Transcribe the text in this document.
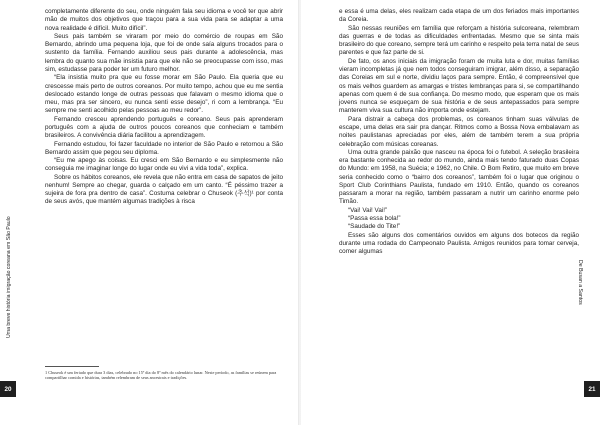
completamente diferente do seu, onde ninguém fala seu idioma e você ter que abrir mão de muitos dos objetivos que traçou para a sua vida para se adaptar a uma nova realidade é difícil. Muito difícil”.

Seus pais também se viraram por meio do comércio de roupas em São Bernardo, abrindo uma pequena loja, que foi de onde saía alguns trocados para o sustento da família. Fernando auxiliou seus pais durante a adolescência, mas lembra do quanto sua mãe insistia para que ele não se preocupasse com isso, mas sim, estudasse para poder ter um futuro melhor.

“Ela insistia muito pra que eu fosse morar em São Paulo. Ela queria que eu crescesse mais perto de outros coreanos. Por muito tempo, achou que eu me sentia deslocado estando longe de outras pessoas que falavam o mesmo idioma que o meu, mas pra ser sincero, eu nunca senti esse desejo”, ri com a lembrança. “Eu sempre me senti acolhido pelas pessoas ao meu redor”.

Fernando cresceu aprendendo português e coreano. Seus pais aprenderam português com a ajuda de outros poucos coreanos que conheciam e também brasileiros. A convivência diária facilitou a aprendizagem.

Fernando estudou, foi fazer faculdade no interior de São Paulo e retornou a São Bernardo assim que pegou seu diploma.

“Eu me apego às coisas. Eu cresci em São Bernardo e eu simplesmente não conseguia me imaginar longe do lugar onde eu vivi a vida toda”, explica.

Sobre os hábitos coreanos, ele revela que não entra em casa de sapatos de jeito nenhum! Sempre ao chegar, guarda o calçado em um canto. “É péssimo trazer a sujeira de fora pra dentro de casa”. Costuma celebrar o Chuseok (추석)¹ por conta de seus avós, que mantém algumas tradições à risca

1 Chuseok é um feriado que dura 3 dias, celebrado no 15º dia do 8º mês do calendário lunar. Neste período, as famílias se reúnem para compartilhar comida e histórias, também relembram de seus ancestrais e tradições.

e essa é uma delas, eles realizam cada etapa de um dos feriados mais importantes da Coreia.

São nessas reuniões em família que reforçam a história sulcoreana, relembram das guerras e de todas as dificuldades enfrentadas. Mesmo que se sinta mais brasileiro do que coreano, sempre terá um carinho e respeito pela terra natal de seus parentes e que faz parte de si.

De fato, os anos iniciais da imigração foram de muita luta e dor, muitas famílias vieram incompletas já que nem todos conseguiram imigrar, além disso, a separação das Coreias em sul e norte, dividiu laços para sempre. Então, é compreensível que os mais velhos guardem as amargas e tristes lembranças para si, se compartilhando apenas com quem é de sua confiança. Do mesmo modo, que esperam que os mais jovens nunca se esqueçam de sua história e de seus antepassados para sempre manterem viva sua cultura não importa onde estejam.

Para distrair a cabeça dos problemas, os coreanos tinham suas válvulas de escape, uma delas era sair pra dançar. Ritmos como a Bossa Nova embalavam as noites paulistanas apreciadas por eles, além de também terem a sua própria celebração com músicas coreanas.

Uma outra grande paixão que nasceu na época foi o futebol. A seleção brasileira era bastante conhecida ao redor do mundo, ainda mais tendo faturado duas Copas do Mundo: em 1958, na Suécia; e 1962, no Chile. O Bom Retiro, que muito em breve seria conhecido como o “bairro dos coreanos”, também foi o lugar que originou o Sport Club Corinthians Paulista, fundado em 1910. Então, quando os coreanos passaram a morar na região, também passaram a nutrir um carinho enorme pelo Timão.

“Vai! Vai! Vai!”

“Passa essa bola!”

“Saudade do Tite!”

Esses são alguns dos comentários ouvidos em alguns dos botecos da região durante uma rodada do Campeonato Paulista. Amigos reunidos para tomar cerveja, comer algumas

Uma breve história imigração coreana em São Paulo	De Busan a Santos
20	21
